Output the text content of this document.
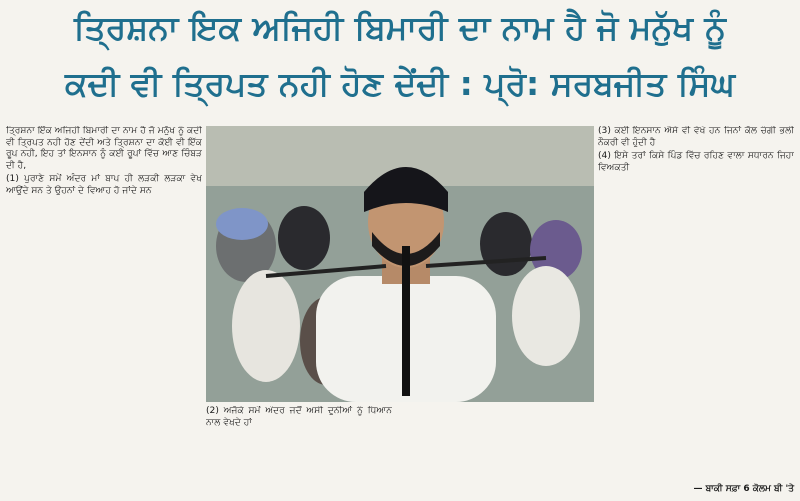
ਤ੍ਰਿਸ਼ਨਾ ਇਕ ਅਜਿਹੀ ਬਿਮਾਰੀ ਦਾ ਨਾਮ ਹੈ ਜੋ ਮਨੁੱਖ ਨੂੰ
ਕਦੀ ਵੀ ਤ੍ਰਿਪਤ ਨਹੀ ਹੋਣ ਦੇਂਦੀ : ਪ੍ਰੋ: ਸਰਬਜੀਤ ਸਿੰਘ

ਤ੍ਰਿਸ਼ਨਾ ਇੱਕ ਅਜਿਹੀ ਬਿਮਾਰੀ ਦਾ ਨਾਮ ਹੈ ਜੋ ਮਨੁੱਖ ਨੂੰ ਕਦੀ ਵੀ ਤ੍ਰਿਪਤ ਨਹੀ ਹੋਣ ਦੇਂਦੀ ਅਤੇ ਤ੍ਰਿਸ਼ਨਾ ਦਾ ਕੋਈ ਵੀ ਇੱਕ ਰੂਪ ਨਹੀ, ਇਹ ਤਾਂ ਇਨਸਾਨ ਨੂੰ ਕਈ ਰੂਪਾਂ ਵਿੱਚ ਆਣ ਚਿੰਬੜ ਦੀ ਹੈ,

(1) ਪੁਰਾਣੇ ਸਮੇਂ ਅੰਦਰ ਮਾਂ ਬਾਪ ਹੀ ਲੜਕੀ ਲੜਕਾ ਵੇਖ ਆਉਂਦੇ ਸਨ ਤੇ ਉਹਨਾਂ ਦੇ ਵਿਆਹ ਹੋ ਜਾਂਦੇ ਸਨ

(2) ਅਜੋਕੇ ਸਮੇਂ ਅੰਦਰ ਜਦੋਂ ਅਸੀ ਦੁਨੀਆਂ ਨੂੰ ਧਿਆਨ ਨਾਲ ਵੇਖਦੇ ਹਾਂ

(3) ਕਈ ਇਨਸਾਨ ਐਸੇ ਵੀ ਵੇਖੇ ਹਨ ਜਿਨਾਂ ਕੋਲ ਚੰਗੀ ਭਲੀ ਨੌਕਰੀ ਵੀ ਹੁੰਦੀ ਹੈ

(4) ਇਸੇ ਤਰਾਂ ਕਿਸੇ ਪਿੰਡ ਵਿੱਚ ਰਹਿਣ ਵਾਲਾ ਸਧਾਰਨ ਜਿਹਾ ਵਿਅਕਤੀ

— ਬਾਕੀ ਸਫ਼ਾ 6 ਕੋਲਮ ਬੀ 'ਤੇ
